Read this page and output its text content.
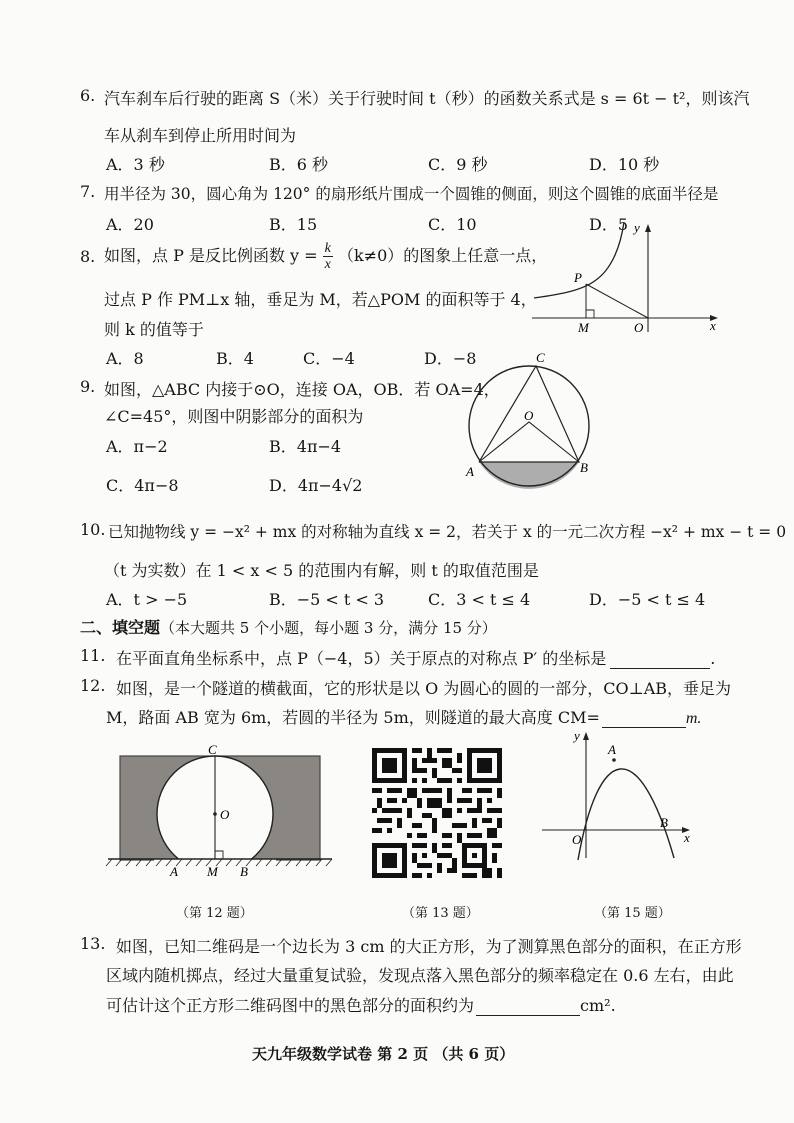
6. 汽车刹车后行驶的距离 S（米）关于行驶时间 t（秒）的函数关系式是 s = 6t − t²，则该汽
车从刹车到停止所用时间为
A．3 秒	B．6 秒	C．9 秒	D．10 秒
7. 用半径为 30，圆心角为 120° 的扇形纸片围成一个圆锥的侧面，则这个圆锥的底面半径是
A．20	B．15	C．10	D．5
8. 如图，点 P 是反比例函数 $y = \frac{k}{x} (k\ne 0)$的图象上任意一点，
过点 P 作 PM⊥x 轴，垂足为 M，若△POM 的面积等于 4，
则 k 的值等于
A．8	B．4	C．−4	D．−8
y
x
P
M	O
9. 如图，△ABC 内接于⊙O，连接 OA，OB．若 OA=4，
∠C=45°，则图中阴影部分的面积为
A．π−2	B．4π−4
C．4π−8	D．4π−4√2
C
O
A	B
10. 已知抛物线 y = −x² + mx 的对称轴为直线 x = 2，若关于 x 的一元二次方程 −x² + mx − t = 0
（t 为实数）在 1 < x < 5 的范围内有解，则 t 的取值范围是
A．t > −5	B．−5 < t < 3	C．3 < t ≤ 4	D．−5 < t ≤ 4
二、填空题（本大题共 5 个小题，每小题 3 分，满分 15 分）
11. 在平面直角坐标系中，点 P（−4，5）关于原点的对称点 P′ 的坐标是	.
12. 如图，是一个隧道的横截面，它的形状是以 O 为圆心的圆的一部分，CO⊥AB，垂足为
M，路面 AB 宽为 6m，若圆的半径为 5m，则隧道的最大高度 CM=	m.
C
O
A M B
（第 12 题）	（第 13 题）
y
A
B
O	x
（第 15 题）
13. 如图，已知二维码是一个边长为 3 cm 的大正方形，为了测算黑色部分的面积，在正方形
区域内随机掷点，经过大量重复试验，发现点落入黑色部分的频率稳定在 0.6 左右，由此
可估计这个正方形二维码图中的黑色部分的面积约为	cm².
天九年级数学试卷 第 2 页 （共 6 页）
